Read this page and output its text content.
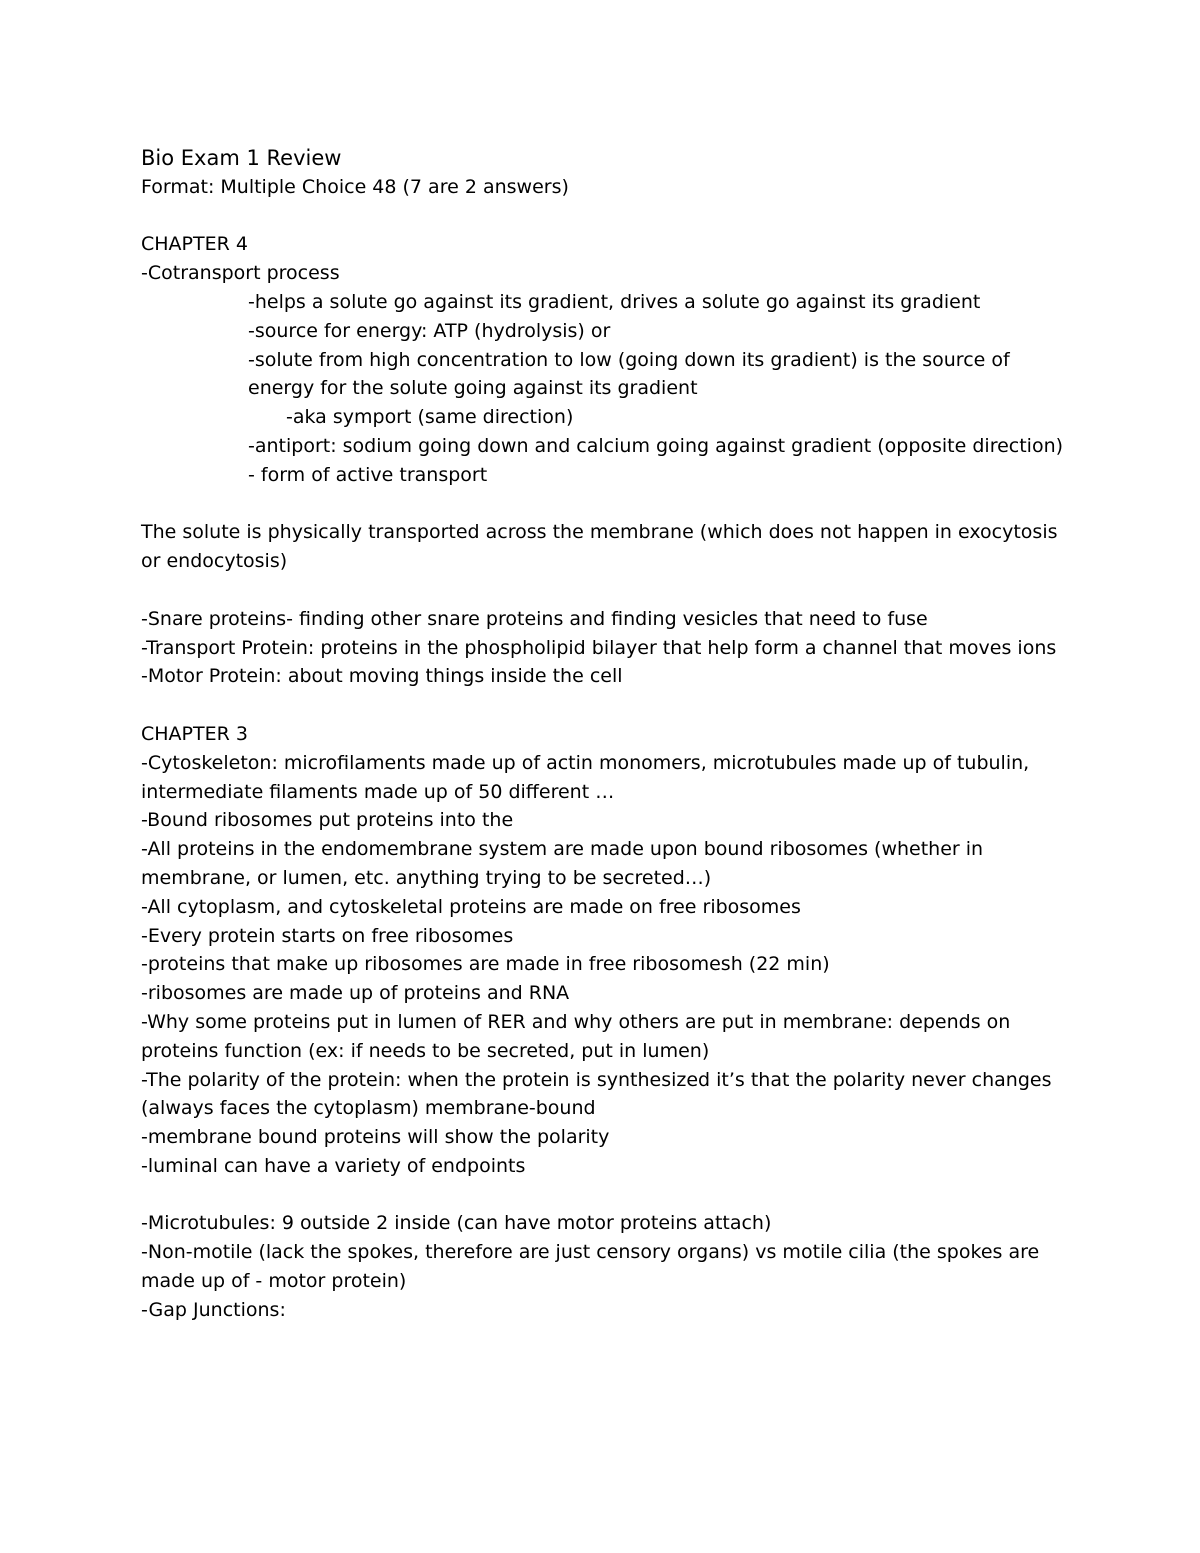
Bio Exam 1 Review

Format: Multiple Choice 48 (7 are 2 answers)

CHAPTER 4

-Cotransport process

-helps a solute go against its gradient, drives a solute go against its gradient

-source for energy: ATP (hydrolysis) or

-solute from high concentration to low (going down its gradient) is the source of energy for the solute going against its gradient

-aka symport (same direction)

-antiport: sodium going down and calcium going against gradient (opposite direction)

- form of active transport

The solute is physically transported across the membrane (which does not happen in exocytosis or endocytosis)

-Snare proteins- finding other snare proteins and finding vesicles that need to fuse

-Transport Protein: proteins in the phospholipid bilayer that help form a channel that moves ions

-Motor Protein: about moving things inside the cell

CHAPTER 3

-Cytoskeleton: microfilaments made up of actin monomers, microtubules made up of tubulin, intermediate filaments made up of 50 different …

-Bound ribosomes put proteins into the

-All proteins in the endomembrane system are made upon bound ribosomes (whether in membrane, or lumen, etc. anything trying to be secreted…)

-All cytoplasm, and cytoskeletal proteins are made on free ribosomes

-Every protein starts on free ribosomes

-proteins that make up ribosomes are made in free ribosomesh (22 min)

-ribosomes are made up of proteins and RNA

-Why some proteins put in lumen of RER and why others are put in membrane: depends on proteins function (ex: if needs to be secreted, put in lumen)

-The polarity of the protein: when the protein is synthesized it’s that the polarity never changes (always faces the cytoplasm) membrane-bound

-membrane bound proteins will show the polarity

-luminal can have a variety of endpoints

-Microtubules: 9 outside 2 inside (can have motor proteins attach)

-Non-motile (lack the spokes, therefore are just censory organs) vs motile cilia (the spokes are made up of - motor protein)

-Gap Junctions:
